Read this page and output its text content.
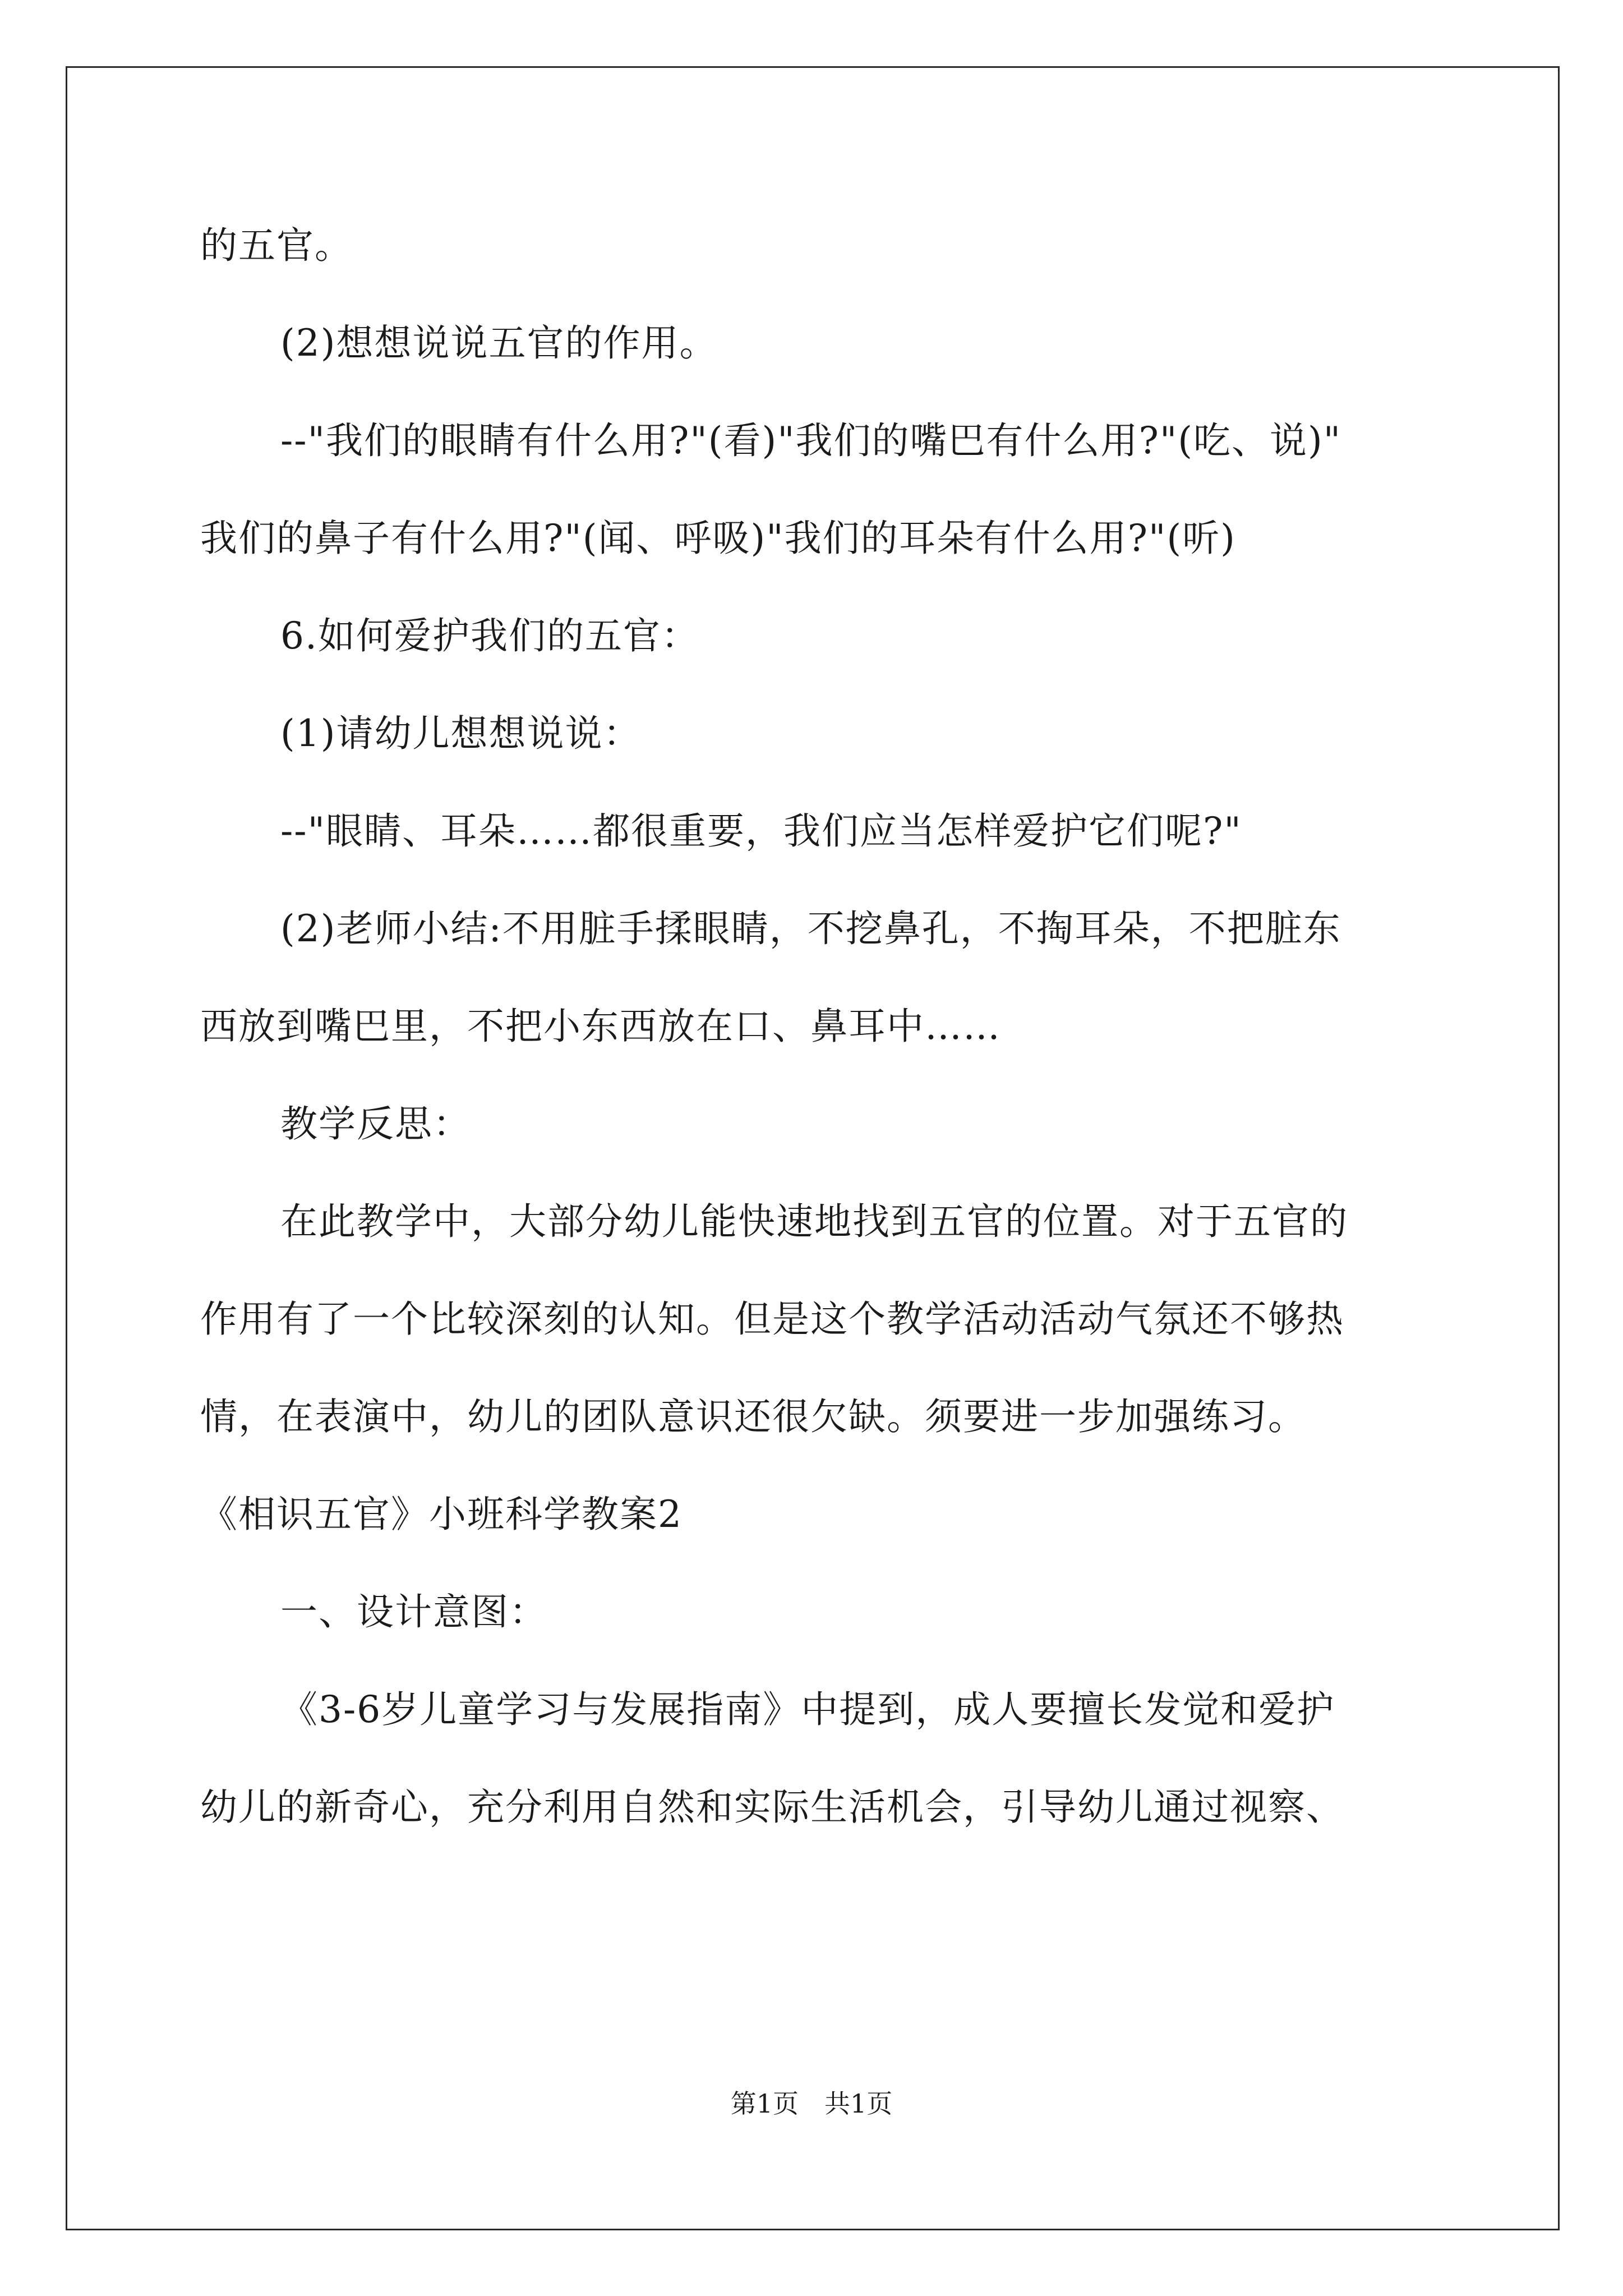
的五官。

(2)想想说说五官的作用。

--"我们的眼睛有什么用?"(看)"我们的嘴巴有什么用?"(吃、说)"

我们的鼻子有什么用?"(闻、呼吸)"我们的耳朵有什么用?"(听)

6.如何爱护我们的五官：

(1)请幼儿想想说说：

--"眼睛、耳朵……都很重要，我们应当怎样爱护它们呢?"

(2)老师小结:不用脏手揉眼睛，不挖鼻孔，不掏耳朵，不把脏东

西放到嘴巴里，不把小东西放在口、鼻耳中……

教学反思：

在此教学中，大部分幼儿能快速地找到五官的位置。对于五官的

作用有了一个比较深刻的认知。但是这个教学活动活动气氛还不够热

情，在表演中，幼儿的团队意识还很欠缺。须要进一步加强练习。

《相识五官》小班科学教案2

一、设计意图：

《3-6岁儿童学习与发展指南》中提到，成人要擅长发觉和爱护

幼儿的新奇心，充分利用自然和实际生活机会，引导幼儿通过视察、

第1页　共1页
